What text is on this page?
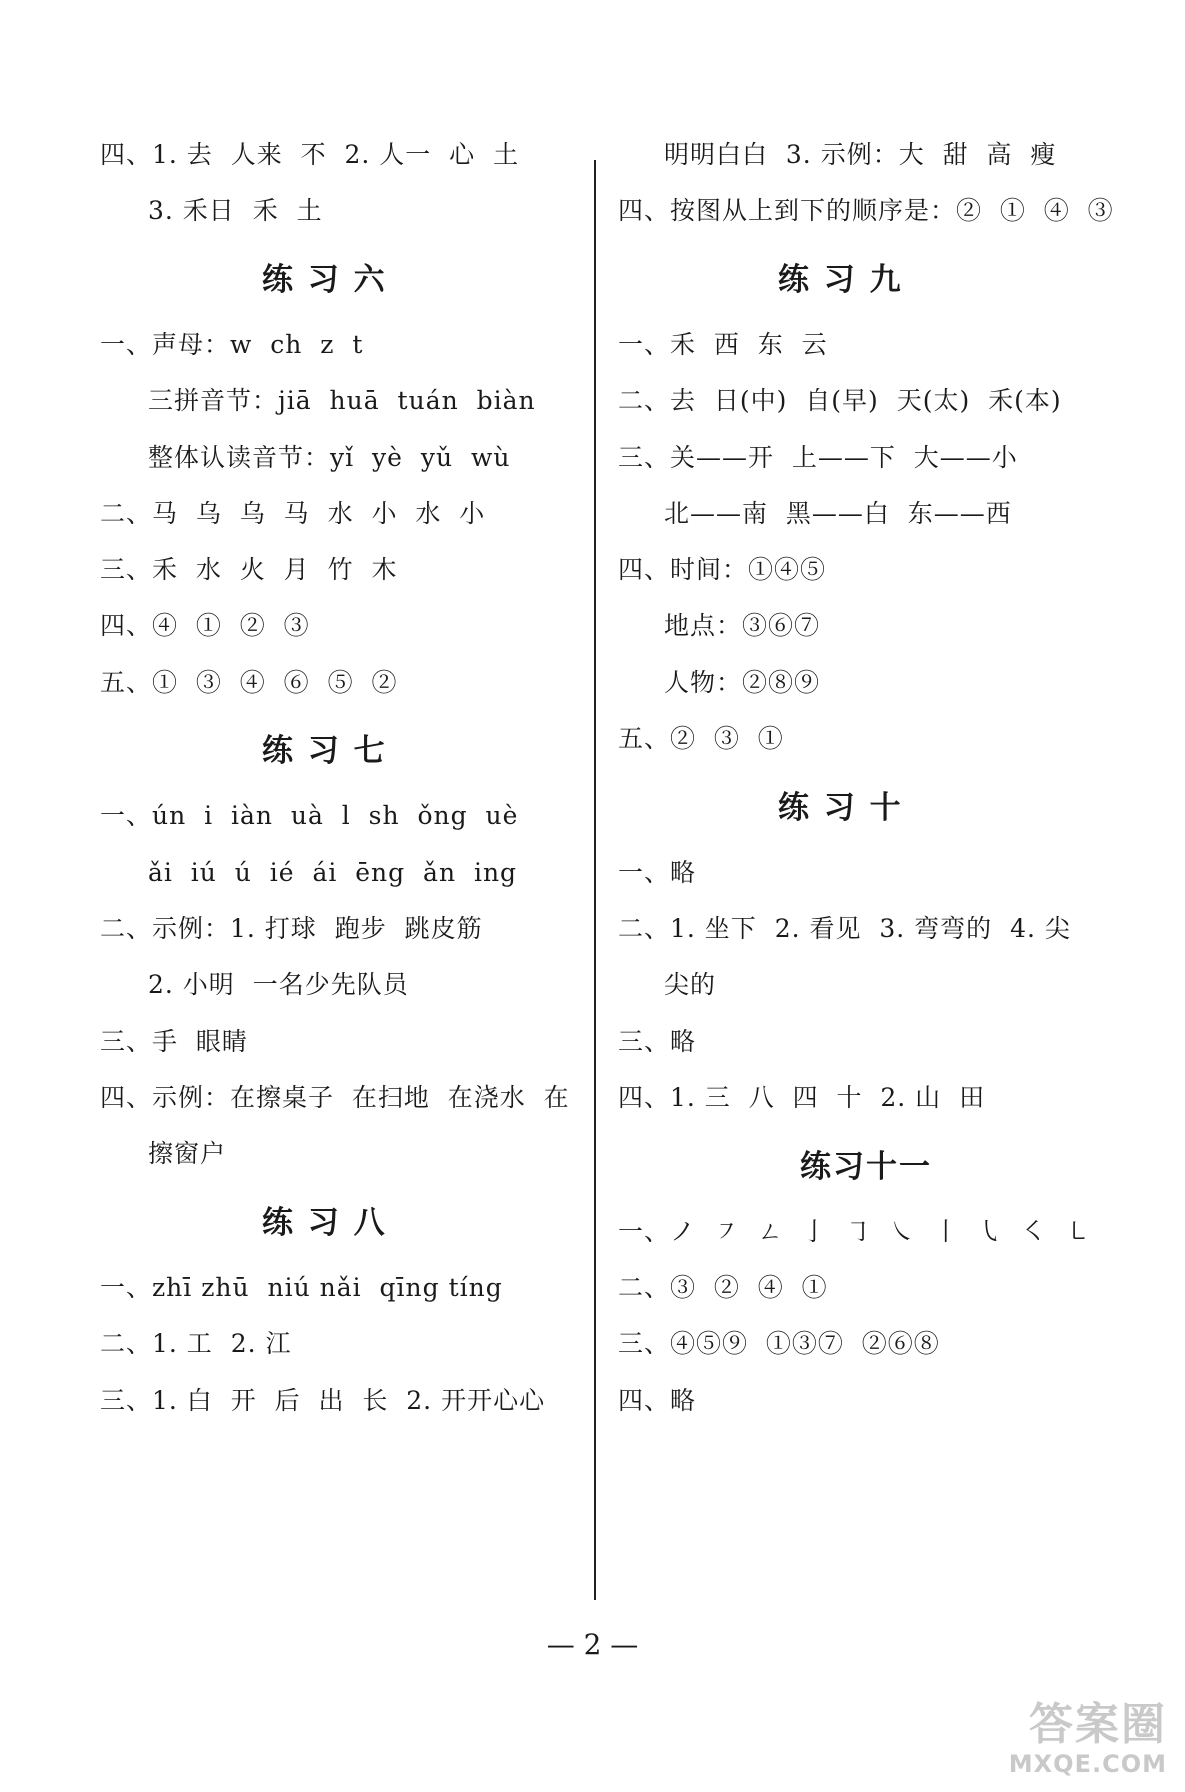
四、1. 去  人来  不  2. 人一  心  土
3. 禾日  禾  土
练 习 六
一、声母：w  ch  z  t
三拼音节：jiā  huā  tuán  biàn
整体认读音节：yǐ  yè  yǔ  wù
二、马  乌  乌  马  水  小  水  小
三、禾  水  火  月  竹  木
四、④  ①  ②  ③
五、①  ③  ④  ⑥  ⑤  ②
练 习 七
一、ún  i  iàn  uà  l  sh  ǒng  uè
ǎi  iú  ú  ié  ái  ēng  ǎn  ing
二、示例：1. 打球  跑步  跳皮筋
2. 小明  一名少先队员
三、手  眼睛
四、示例：在擦桌子  在扫地  在浇水  在
擦窗户
练 习 八
一、zhī zhū  niú nǎi  qīng tíng
二、1. 工  2. 江
三、1. 白  开  后  出  长  2. 开开心心
明明白白  3. 示例：大  甜  高  瘦
四、按图从上到下的顺序是：②  ①  ④  ③
练 习 九
一、禾  西  东  云
二、去  日(中)  自(早)  天(太)  禾(本)
三、关——开  上——下  大——小
北——南  黑——白  东——西
四、时间：①④⑤
地点：③⑥⑦
人物：②⑧⑨
五、②  ③  ①
练 习 十
一、略
二、1. 坐下  2. 看见  3. 弯弯的  4. 尖
尖的
三、略
四、1. 三  八  四  十  2. 山  田
练习十一
一、ノ  ㇇  ㄥ  亅  ㇆  ㇏  丨  ㇂  ㇛  ㇄
二、③  ②  ④  ①
三、④⑤⑨  ①③⑦  ②⑥⑧
四、略
— 2 —
答案圈
MXQE.COM
